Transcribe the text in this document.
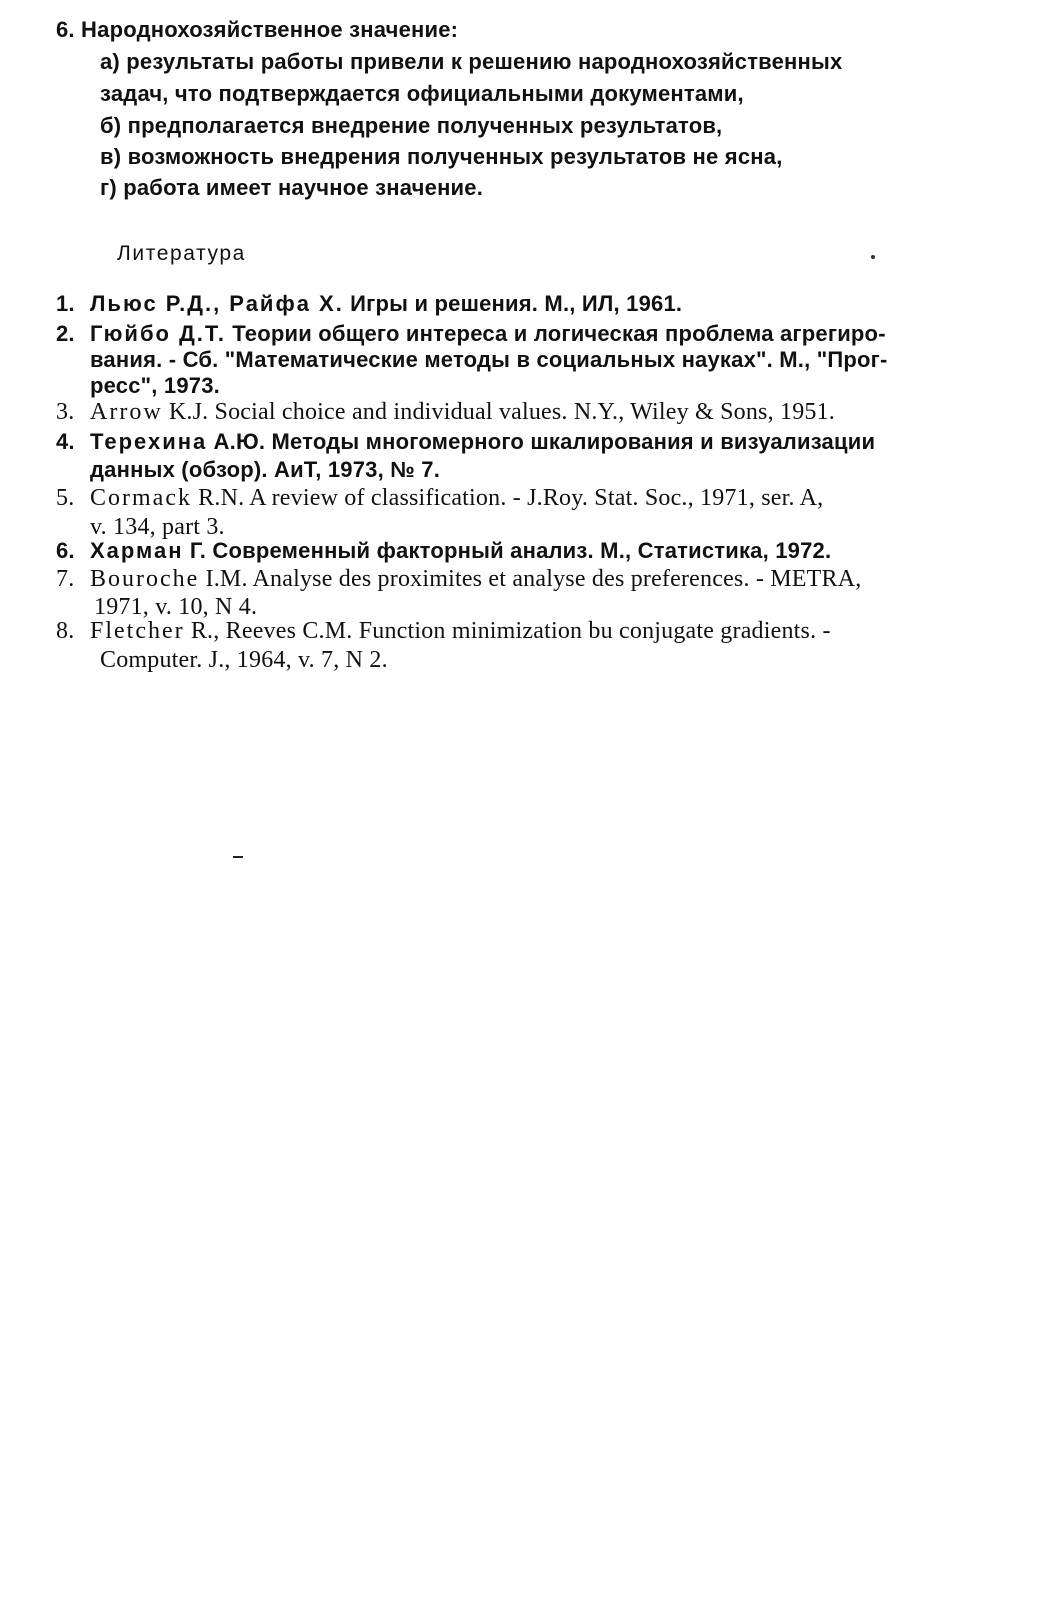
6. Народнохозяйственное значение:
а) результаты работы привели к решению народнохозяйственных
задач, что подтверждается официальными документами,
б) предполагается внедрение полученных результатов,
в) возможность внедрения полученных результатов не ясна,
г) работа имеет научное значение.
Литература
1. Льюс Р.Д., Райфа Х. Игры и решения. М., ИЛ, 1961.
2. Гюйбо Д.Т. Теории общего интереса и логическая проблема агрегиро-
вания. - Сб. "Математические методы в социальных науках". М., "Прог-
ресс", 1973.
3. Arrow K.J. Social choice and individual values. N.Y., Wiley & Sons, 1951.
4. Терехина А.Ю. Методы многомерного шкалирования и визуализации
данных (обзор). АиТ, 1973, № 7.
5. Cormack R.N. A review of classification. - J.Roy. Stat. Soc., 1971, ser. A,
v. 134, part 3.
6. Харман Г. Современный факторный анализ. М., Статистика, 1972.
7. Bouroche I.M. Analyse des proximites et analyse des preferences. - METRA,
1971, v. 10, N 4.
8. Fletcher R., Reeves C.M. Function minimization bu conjugate gradients. -
Computer. J., 1964, v. 7, N 2.
